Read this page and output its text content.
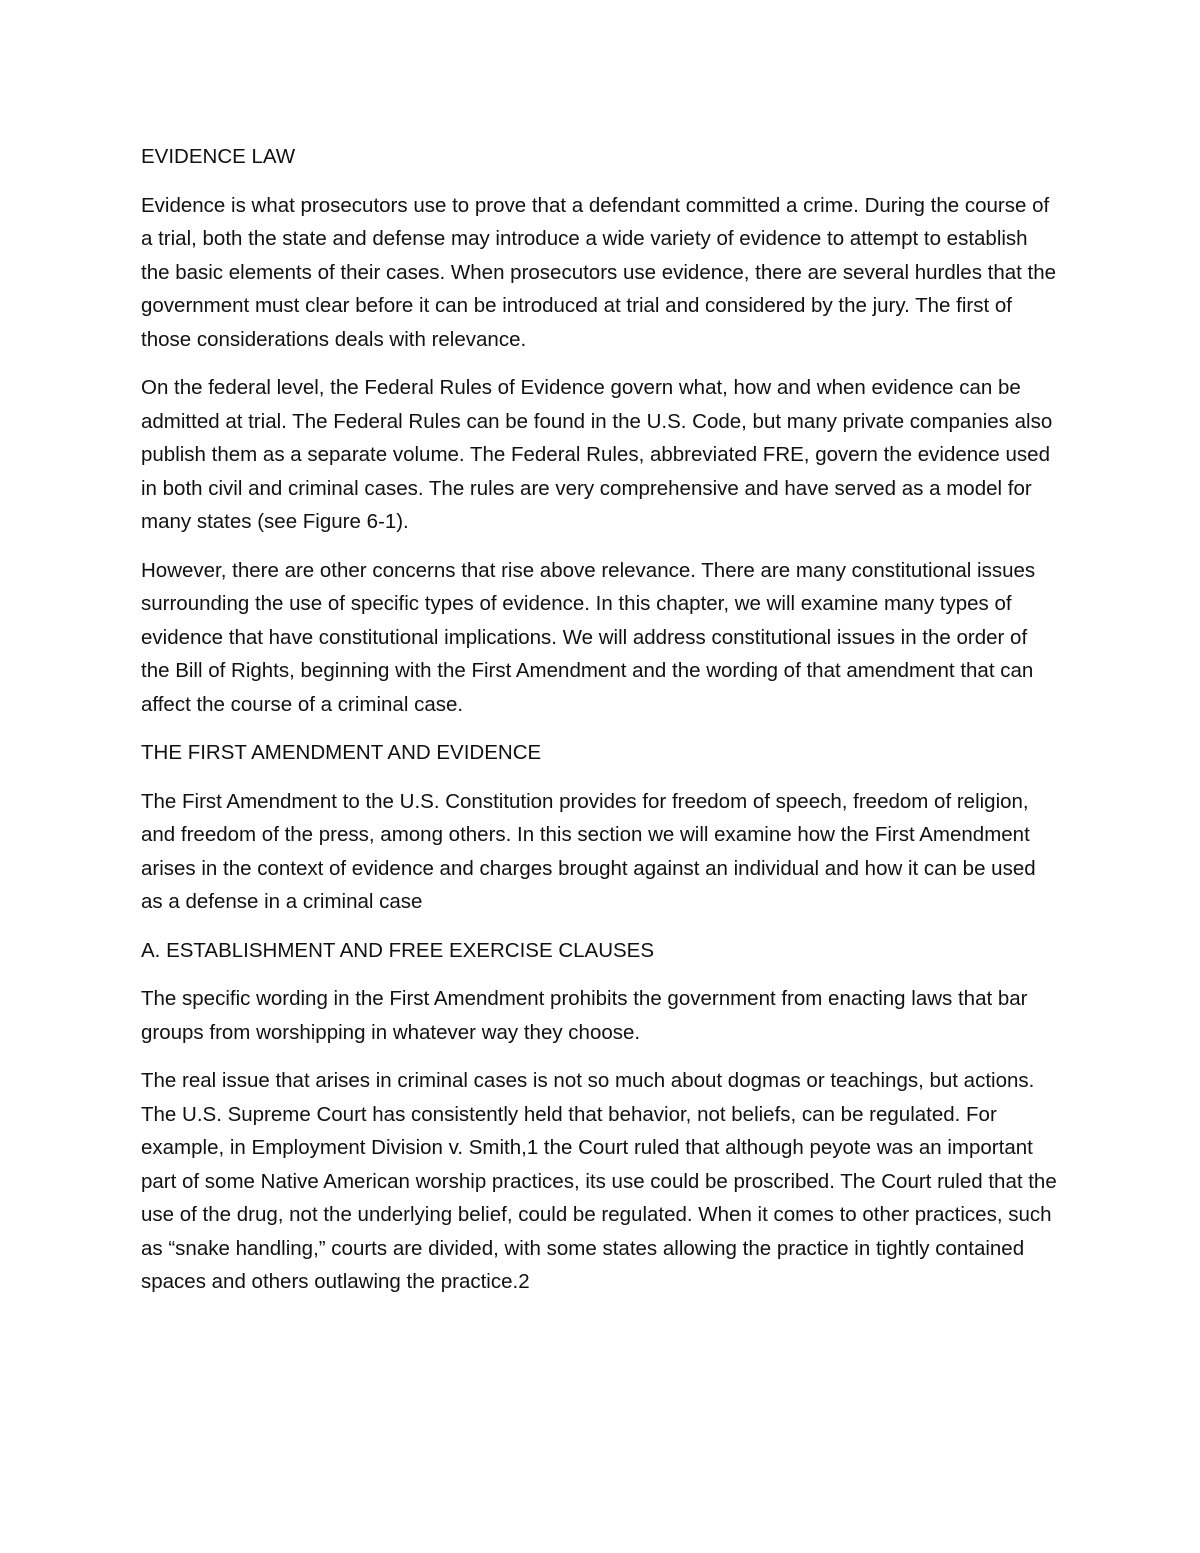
EVIDENCE LAW

Evidence is what prosecutors use to prove that a defendant committed a crime. During the course of a trial, both the state and defense may introduce a wide variety of evidence to attempt to establish the basic elements of their cases. When prosecutors use evidence, there are several hurdles that the government must clear before it can be introduced at trial and considered by the jury. The first of those considerations deals with relevance.

On the federal level, the Federal Rules of Evidence govern what, how and when evidence can be admitted at trial. The Federal Rules can be found in the U.S. Code, but many private companies also publish them as a separate volume. The Federal Rules, abbreviated FRE, govern the evidence used in both civil and criminal cases. The rules are very comprehensive and have served as a model for many states (see Figure 6-1).

However, there are other concerns that rise above relevance. There are many constitutional issues surrounding the use of specific types of evidence. In this chapter, we will examine many types of evidence that have constitutional implications. We will address constitutional issues in the order of the Bill of Rights, beginning with the First Amendment and the wording of that amendment that can affect the course of a criminal case.

THE FIRST AMENDMENT AND EVIDENCE

The First Amendment to the U.S. Constitution provides for freedom of speech, freedom of religion, and freedom of the press, among others. In this section we will examine how the First Amendment arises in the context of evidence and charges brought against an individual and how it can be used as a defense in a criminal case

A. ESTABLISHMENT AND FREE EXERCISE CLAUSES

The specific wording in the First Amendment prohibits the government from enacting laws that bar groups from worshipping in whatever way they choose.

The real issue that arises in criminal cases is not so much about dogmas or teachings, but actions. The U.S. Supreme Court has consistently held that behavior, not beliefs, can be regulated. For example, in Employment Division v. Smith,1 the Court ruled that although peyote was an important part of some Native American worship practices, its use could be proscribed. The Court ruled that the use of the drug, not the underlying belief, could be regulated. When it comes to other practices, such as “snake handling,” courts are divided, with some states allowing the practice in tightly contained spaces and others outlawing the practice.2
